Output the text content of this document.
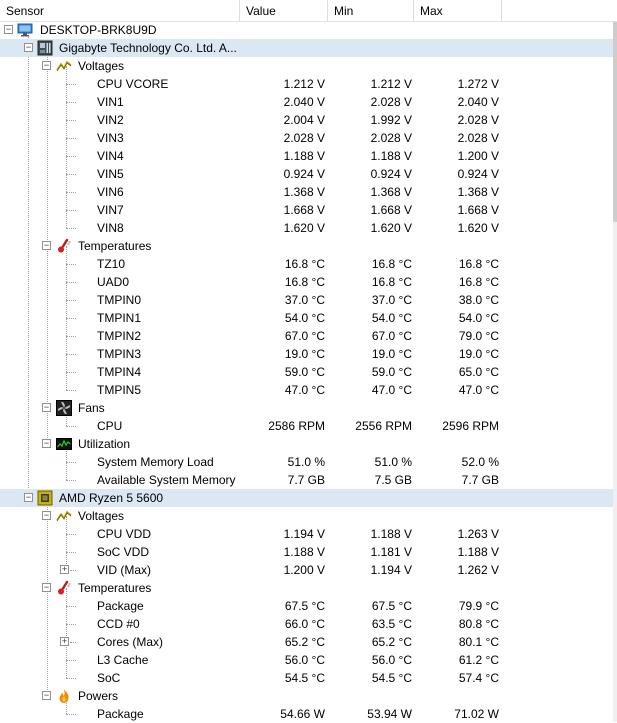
Sensor	Value	Min	Max
− DESKTOP-BRK8U9D
− Gigabyte Technology Co. Ltd. A...
− Voltages
CPU VCORE	1.212 V	1.212 V	1.272 V
VIN1	2.040 V	2.028 V	2.040 V
VIN2	2.004 V	1.992 V	2.028 V
VIN3	2.028 V	2.028 V	2.028 V
VIN4	1.188 V	1.188 V	1.200 V
VIN5	0.924 V	0.924 V	0.924 V
VIN6	1.368 V	1.368 V	1.368 V
VIN7	1.668 V	1.668 V	1.668 V
VIN8	1.620 V	1.620 V	1.620 V
− Temperatures
TZ10	16.8 °C	16.8 °C	16.8 °C
UAD0	16.8 °C	16.8 °C	16.8 °C
TMPIN0	37.0 °C	37.0 °C	38.0 °C
TMPIN1	54.0 °C	54.0 °C	54.0 °C
TMPIN2	67.0 °C	67.0 °C	79.0 °C
TMPIN3	19.0 °C	19.0 °C	19.0 °C
TMPIN4	59.0 °C	59.0 °C	65.0 °C
TMPIN5	47.0 °C	47.0 °C	47.0 °C
− Fans
CPU	2586 RPM	2556 RPM	2596 RPM
− Utilization
System Memory Load	51.0 %	51.0 %	52.0 %
Available System Memory	7.7 GB	7.5 GB	7.7 GB
− AMD Ryzen 5 5600
− Voltages
CPU VDD	1.194 V	1.188 V	1.263 V
SoC VDD	1.188 V	1.181 V	1.188 V
+ VID (Max)	1.200 V	1.194 V	1.262 V
− Temperatures
Package	67.5 °C	67.5 °C	79.9 °C
CCD #0	66.0 °C	63.5 °C	80.8 °C
+ Cores (Max)	65.2 °C	65.2 °C	80.1 °C
L3 Cache	56.0 °C	56.0 °C	61.2 °C
SoC	54.5 °C	54.5 °C	57.4 °C
− Powers
Package	54.66 W	53.94 W	71.02 W
